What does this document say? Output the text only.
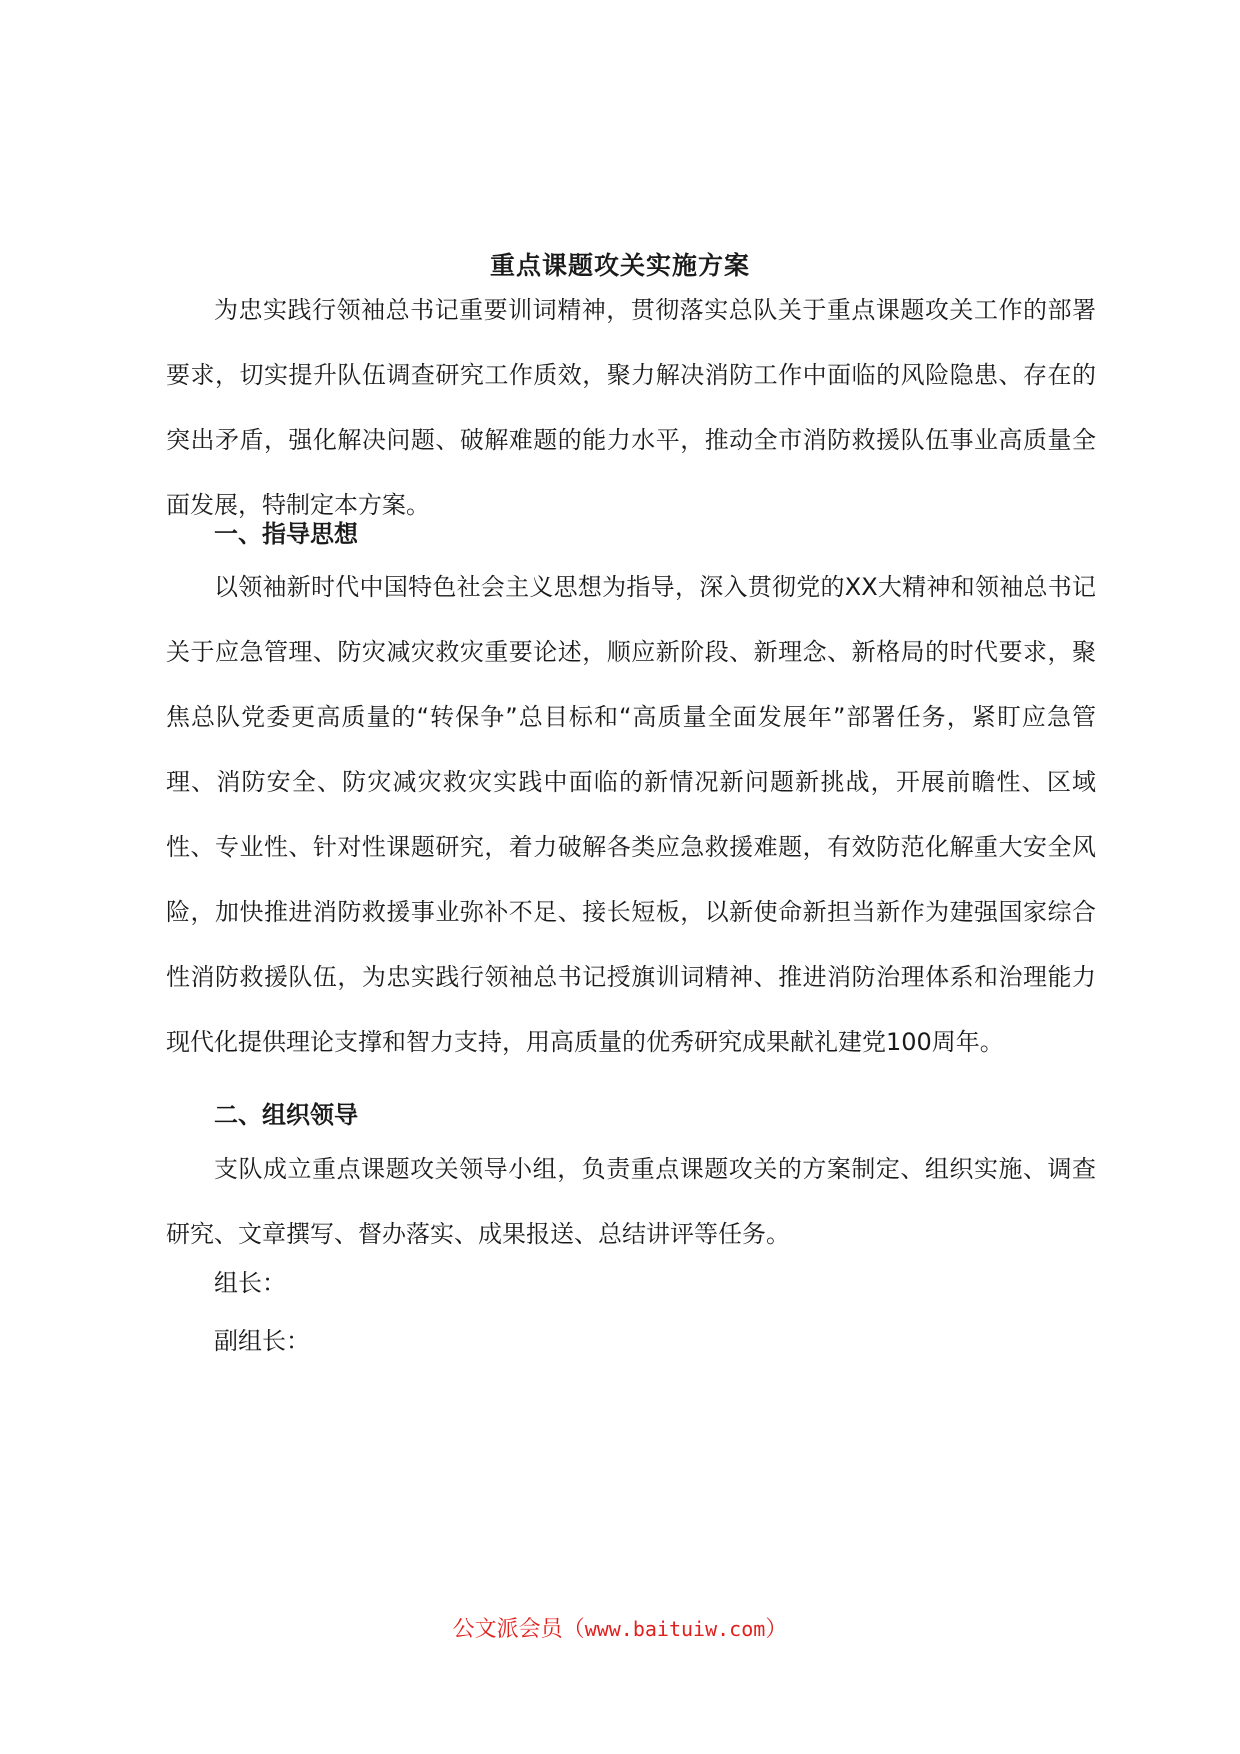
重点课题攻关实施方案

为忠实践行领袖总书记重要训词精神，贯彻落实总队关于重点课题攻关工作的部署要求，切实提升队伍调查研究工作质效，聚力解决消防工作中面临的风险隐患、存在的突出矛盾，强化解决问题、破解难题的能力水平，推动全市消防救援队伍事业高质量全面发展，特制定本方案。

一、指导思想

以领袖新时代中国特色社会主义思想为指导，深入贯彻党的XX大精神和领袖总书记关于应急管理、防灾减灾救灾重要论述，顺应新阶段、新理念、新格局的时代要求，聚焦总队党委更高质量的“转保争”总目标和“高质量全面发展年”部署任务，紧盯应急管理、消防安全、防灾减灾救灾实践中面临的新情况新问题新挑战，开展前瞻性、区域性、专业性、针对性课题研究，着力破解各类应急救援难题，有效防范化解重大安全风险，加快推进消防救援事业弥补不足、接长短板，以新使命新担当新作为建强国家综合性消防救援队伍，为忠实践行领袖总书记授旗训词精神、推进消防治理体系和治理能力现代化提供理论支撑和智力支持，用高质量的优秀研究成果献礼建党100周年。

二、组织领导

支队成立重点课题攻关领导小组，负责重点课题攻关的方案制定、组织实施、调查研究、文章撰写、督办落实、成果报送、总结讲评等任务。

组长：

副组长：

公文派会员（www.baituiw.com）
